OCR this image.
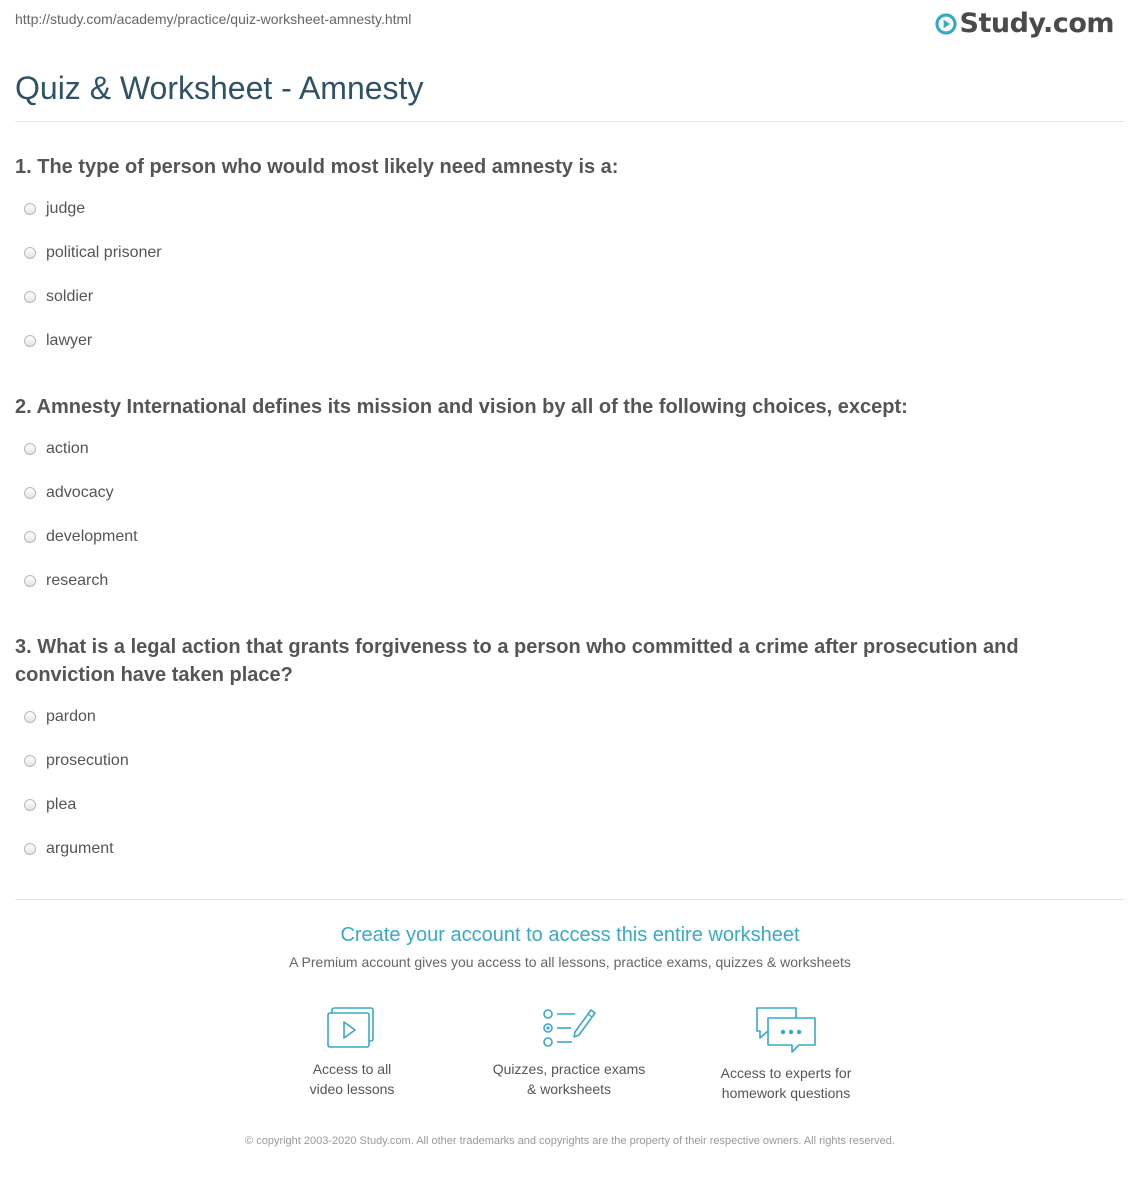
http://study.com/academy/practice/quiz-worksheet-amnesty.html	Study.com
Quiz & Worksheet - Amnesty

1. The type of person who would most likely need amnesty is a:

judge
political prisoner
soldier
lawyer

2. Amnesty International defines its mission and vision by all of the following choices, except:

action
advocacy
development
research

3. What is a legal action that grants forgiveness to a person who committed a crime after prosecution and conviction have taken place?

pardon
prosecution
plea
argument
Create your account to access this entire worksheet
A Premium account gives you access to all lessons, practice exams, quizzes & worksheets
Access to all
video lessons
Quizzes, practice exams
& worksheets
Access to experts for
homework questions
© copyright 2003-2020 Study.com. All other trademarks and copyrights are the property of their respective owners. All rights reserved.
